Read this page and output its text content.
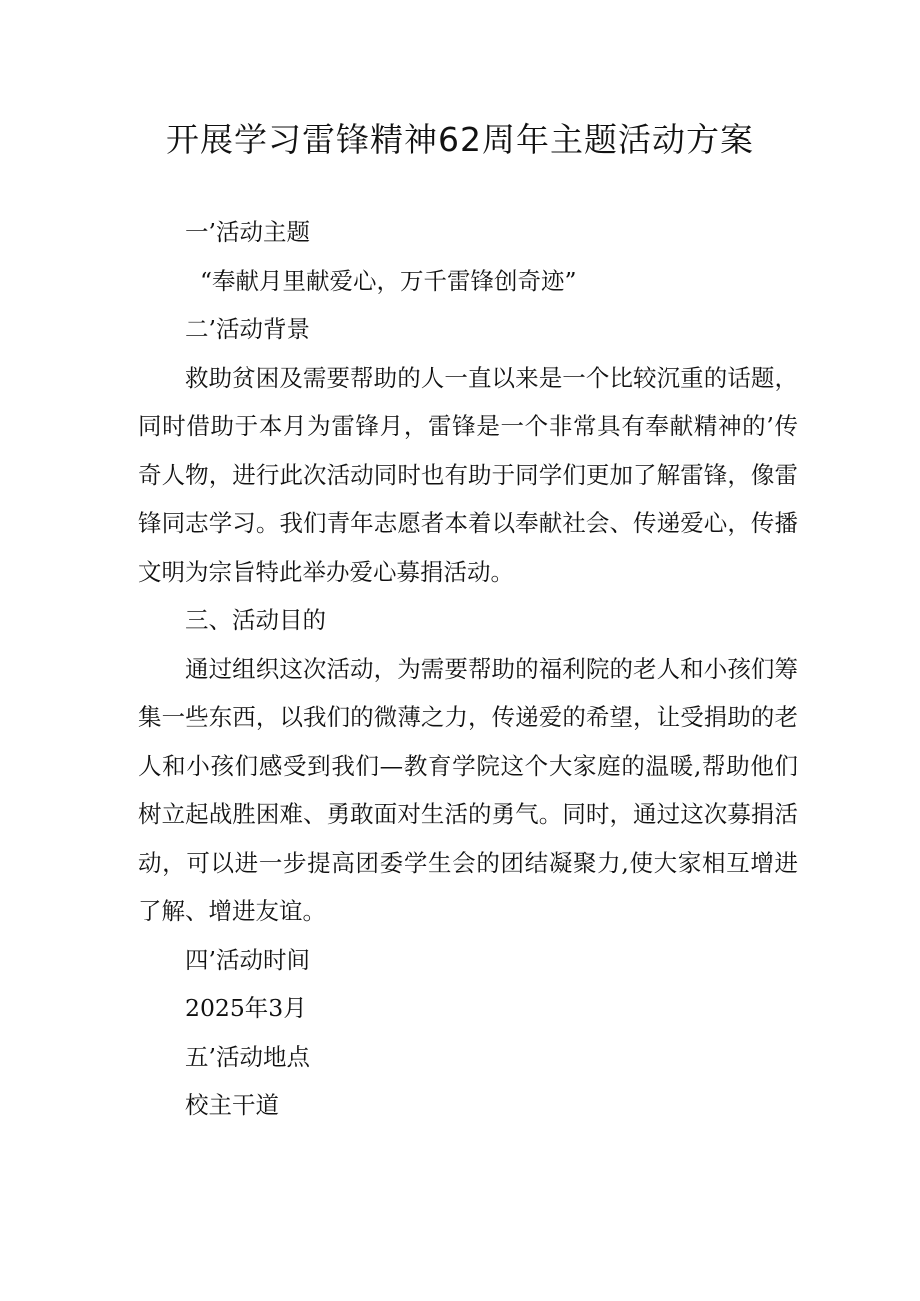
开展学习雷锋精神62周年主题活动方案

一’活动主题

“奉献月里献爱心，万千雷锋创奇迹”

二’活动背景

救助贫困及需要帮助的人一直以来是一个比较沉重的话题，同时借助于本月为雷锋月，雷锋是一个非常具有奉献精神的’传奇人物，进行此次活动同时也有助于同学们更加了解雷锋，像雷锋同志学习。我们青年志愿者本着以奉献社会、传递爱心，传播文明为宗旨特此举办爱心募捐活动。

三、活动目的

通过组织这次活动，为需要帮助的福利院的老人和小孩们筹集一些东西，以我们的微薄之力，传递爱的希望，让受捐助的老人和小孩们感受到我们—教育学院这个大家庭的温暖,帮助他们树立起战胜困难、勇敢面对生活的勇气。同时，通过这次募捐活动，可以进一步提高团委学生会的团结凝聚力,使大家相互增进了解、增进友谊。

四’活动时间

2025年3月

五’活动地点

校主干道
